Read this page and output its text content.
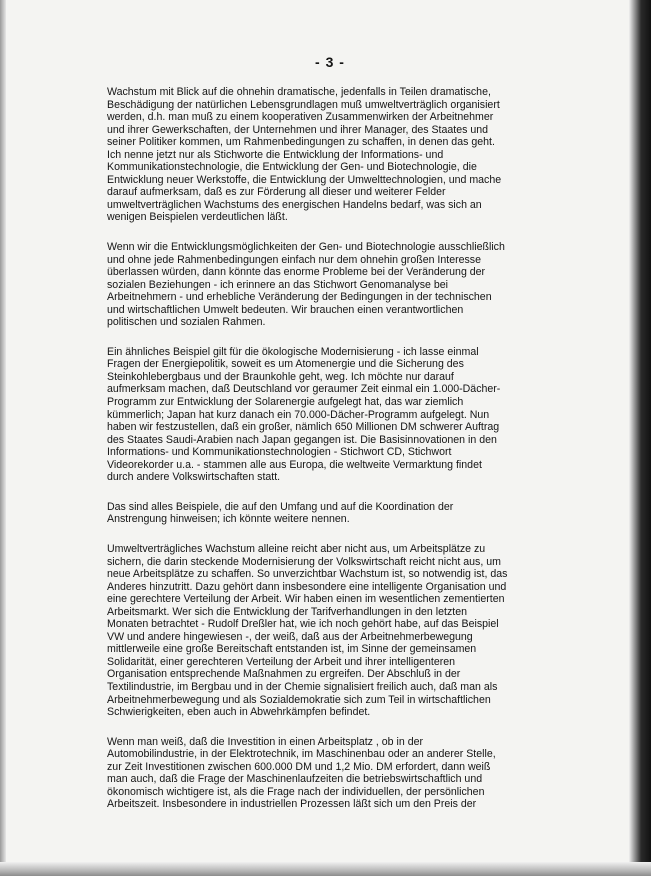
- 3 -
Wachstum mit Blick auf die ohnehin dramatische, jedenfalls in Teilen dramatische,
Beschädigung der natürlichen Lebensgrundlagen muß umweltverträglich organisiert
werden, d.h. man muß zu einem kooperativen Zusammenwirken der Arbeitnehmer
und ihrer Gewerkschaften, der Unternehmen und ihrer Manager, des Staates und
seiner Politiker kommen, um Rahmenbedingungen zu schaffen, in denen das geht.
Ich nenne jetzt nur als Stichworte die Entwicklung der Informations- und
Kommunikationstechnologie, die Entwicklung der Gen- und Biotechnologie, die
Entwicklung neuer Werkstoffe, die Entwicklung der Umwelttechnologien, und mache
darauf aufmerksam, daß es zur Förderung all dieser und weiterer Felder
umweltverträglichen Wachstums des energischen Handelns bedarf, was sich an
wenigen Beispielen verdeutlichen läßt.
Wenn wir die Entwicklungsmöglichkeiten der Gen- und Biotechnologie ausschließlich
und ohne jede Rahmenbedingungen einfach nur dem ohnehin großen Interesse
überlassen würden, dann könnte das enorme Probleme bei der Veränderung der
sozialen Beziehungen - ich erinnere an das Stichwort Genomanalyse bei
Arbeitnehmern - und erhebliche Veränderung der Bedingungen in der technischen
und wirtschaftlichen Umwelt bedeuten. Wir brauchen einen verantwortlichen
politischen und sozialen Rahmen.
Ein ähnliches Beispiel gilt für die ökologische Modernisierung - ich lasse einmal
Fragen der Energiepolitik, soweit es um Atomenergie und die Sicherung des
Steinkohlebergbaus und der Braunkohle geht, weg. Ich möchte nur darauf
aufmerksam machen, daß Deutschland vor geraumer Zeit einmal ein 1.000-Dächer-
Programm zur Entwicklung der Solarenergie aufgelegt hat, das war ziemlich
kümmerlich; Japan hat kurz danach ein 70.000-Dächer-Programm aufgelegt. Nun
haben wir festzustellen, daß ein großer, nämlich 650 Millionen DM schwerer Auftrag
des Staates Saudi-Arabien nach Japan gegangen ist. Die Basisinnovationen in den
Informations- und Kommunikationstechnologien - Stichwort CD, Stichwort
Videorekorder u.a. - stammen alle aus Europa, die weltweite Vermarktung findet
durch andere Volkswirtschaften statt.
Das sind alles Beispiele, die auf den Umfang und auf die Koordination der
Anstrengung hinweisen; ich könnte weitere nennen.
Umweltverträgliches Wachstum alleine reicht aber nicht aus, um Arbeitsplätze zu
sichern, die darin steckende Modernisierung der Volkswirtschaft reicht nicht aus, um
neue Arbeitsplätze zu schaffen. So unverzichtbar Wachstum ist, so notwendig ist, das
Anderes hinzutritt. Dazu gehört dann insbesondere eine intelligente Organisation und
eine gerechtere Verteilung der Arbeit. Wir haben einen im wesentlichen zementierten
Arbeitsmarkt. Wer sich die Entwicklung der Tarifverhandlungen in den letzten
Monaten betrachtet - Rudolf Dreßler hat, wie ich noch gehört habe, auf das Beispiel
VW und andere hingewiesen -, der weiß, daß aus der Arbeitnehmerbewegung
mittlerweile eine große Bereitschaft entstanden ist, im Sinne der gemeinsamen
Solidarität, einer gerechteren Verteilung der Arbeit und ihrer intelligenteren
Organisation entsprechende Maßnahmen zu ergreifen. Der Abschluß in der
Textilindustrie, im Bergbau und in der Chemie signalisiert freilich auch, daß man als
Arbeitnehmerbewegung und als Sozialdemokratie sich zum Teil in wirtschaftlichen
Schwierigkeiten, eben auch in Abwehrkämpfen befindet.
Wenn man weiß, daß die Investition in einen Arbeitsplatz , ob in der
Automobilindustrie, in der Elektrotechnik, im Maschinenbau oder an anderer Stelle,
zur Zeit Investitionen zwischen 600.000 DM und 1,2 Mio. DM erfordert, dann weiß
man auch, daß die Frage der Maschinenlaufzeiten die betriebswirtschaftlich und
ökonomisch wichtigere ist, als die Frage nach der individuellen, der persönlichen
Arbeitszeit. Insbesondere in industriellen Prozessen läßt sich um den Preis der
